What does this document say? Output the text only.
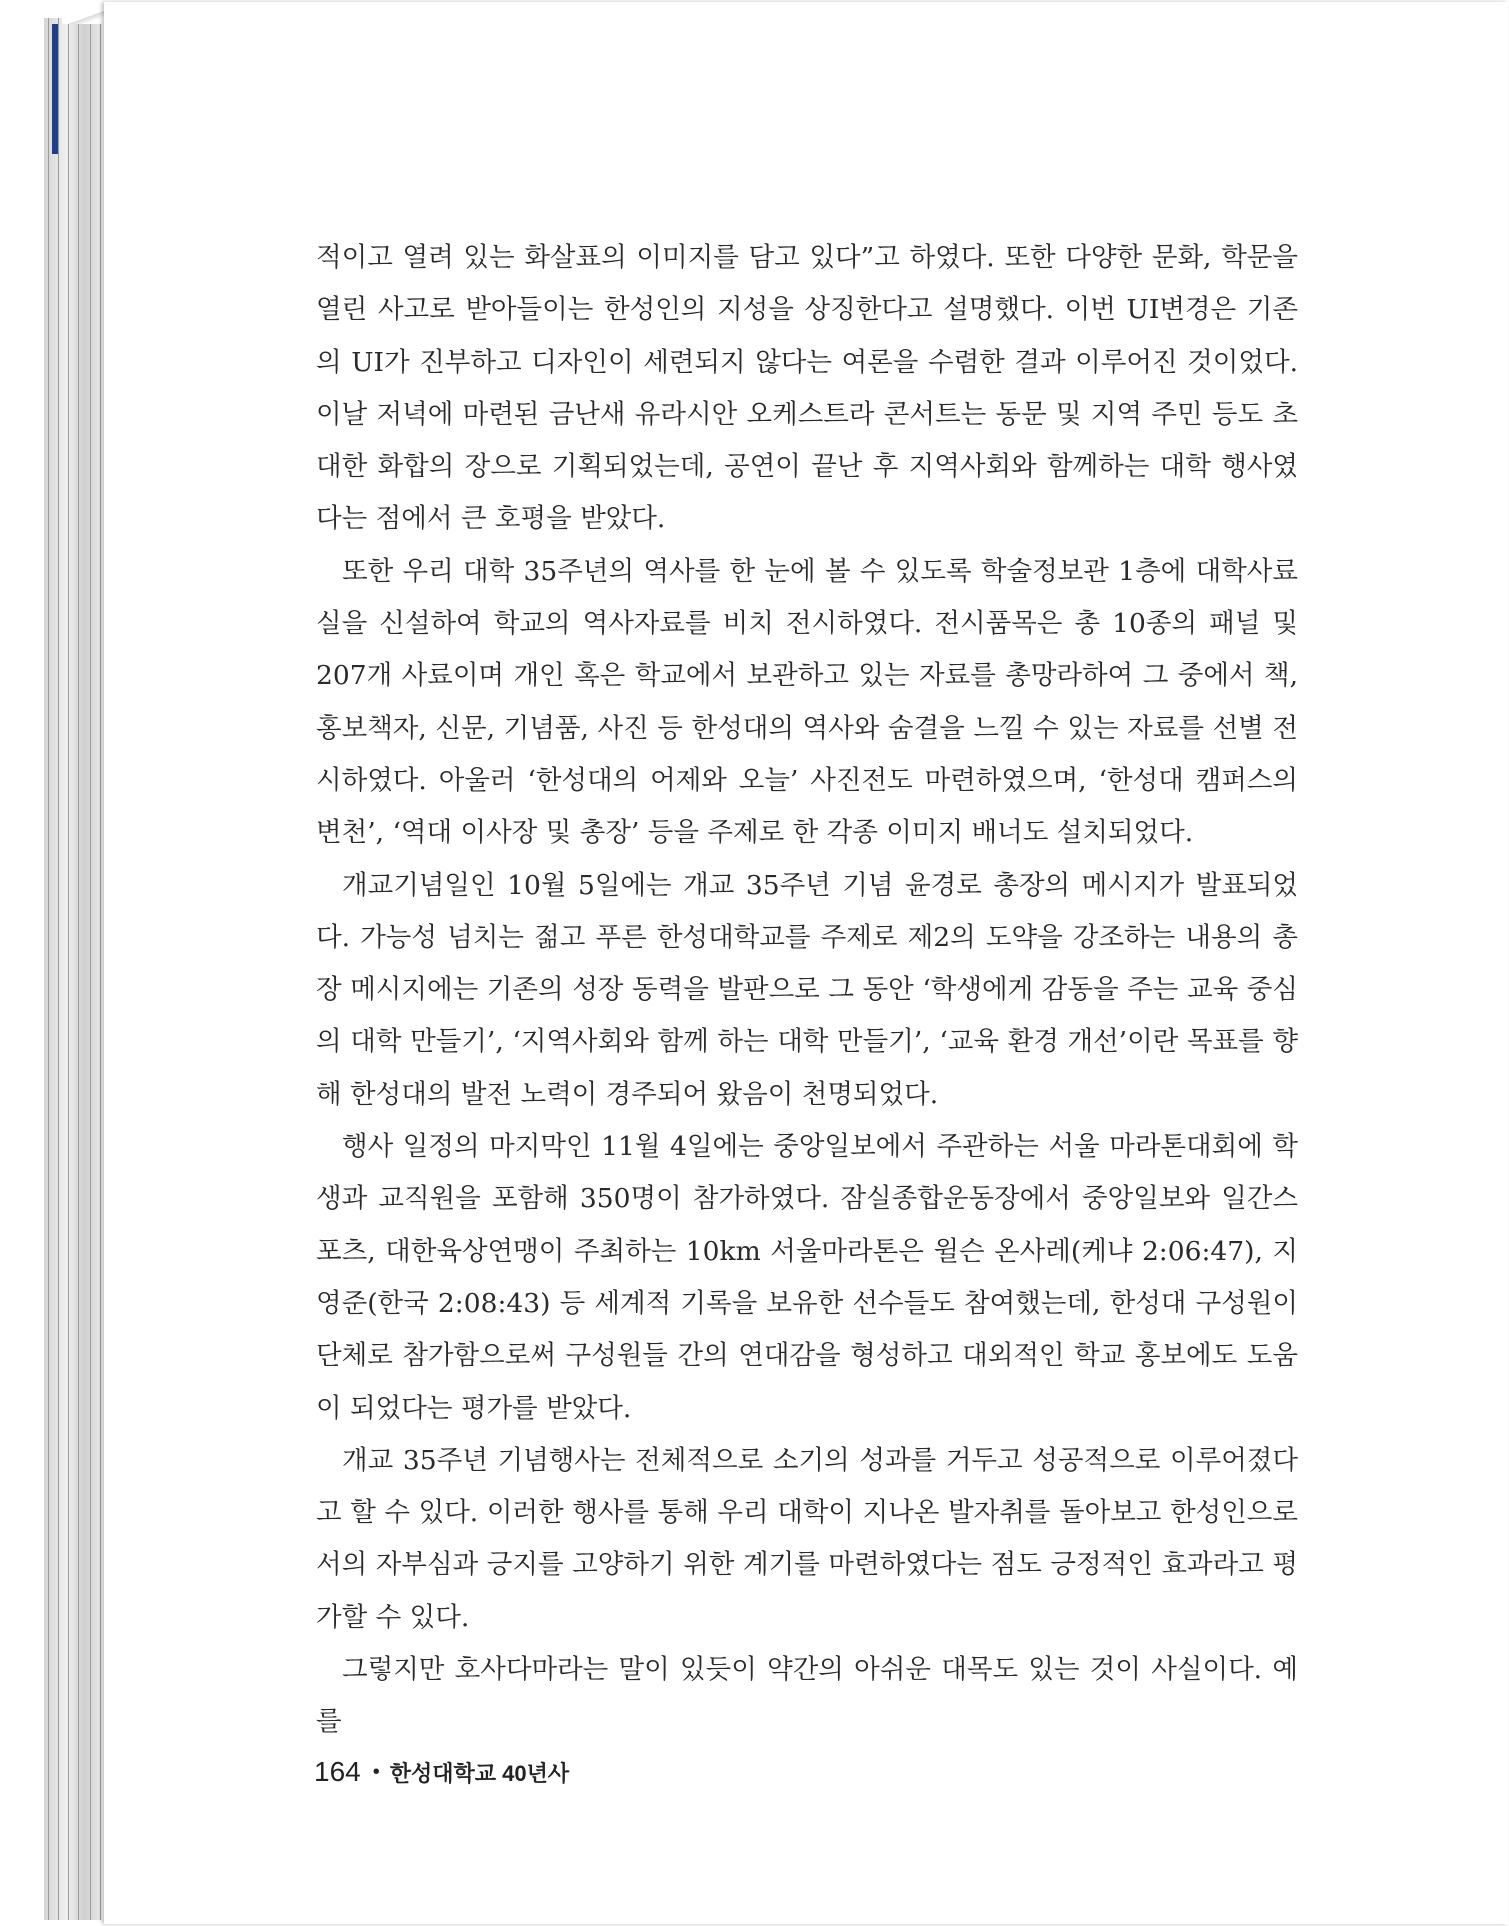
적이고 열려 있는 화살표의 이미지를 담고 있다”고 하였다. 또한 다양한 문화, 학문을 열린 사고로 받아들이는 한성인의 지성을 상징한다고 설명했다. 이번 UI변경은 기존의 UI가 진부하고 디자인이 세련되지 않다는 여론을 수렴한 결과 이루어진 것이었다. 이날 저녁에 마련된 금난새 유라시안 오케스트라 콘서트는 동문 및 지역 주민 등도 초대한 화합의 장으로 기획되었는데, 공연이 끝난 후 지역사회와 함께하는 대학 행사였다는 점에서 큰 호평을 받았다.

또한 우리 대학 35주년의 역사를 한 눈에 볼 수 있도록 학술정보관 1층에 대학사료실을 신설하여 학교의 역사자료를 비치 전시하였다. 전시품목은 총 10종의 패널 및 207개 사료이며 개인 혹은 학교에서 보관하고 있는 자료를 총망라하여 그 중에서 책, 홍보책자, 신문, 기념품, 사진 등 한성대의 역사와 숨결을 느낄 수 있는 자료를 선별 전시하였다. 아울러 ‘한성대의 어제와 오늘’ 사진전도 마련하였으며, ‘한성대 캠퍼스의 변천’, ‘역대 이사장 및 총장’ 등을 주제로 한 각종 이미지 배너도 설치되었다.

개교기념일인 10월 5일에는 개교 35주년 기념 윤경로 총장의 메시지가 발표되었다. 가능성 넘치는 젊고 푸른 한성대학교를 주제로 제2의 도약을 강조하는 내용의 총장 메시지에는 기존의 성장 동력을 발판으로 그 동안 ‘학생에게 감동을 주는 교육 중심의 대학 만들기’, ‘지역사회와 함께 하는 대학 만들기’, ‘교육 환경 개선’이란 목표를 향해 한성대의 발전 노력이 경주되어 왔음이 천명되었다.

행사 일정의 마지막인 11월 4일에는 중앙일보에서 주관하는 서울 마라톤대회에 학생과 교직원을 포함해 350명이 참가하였다. 잠실종합운동장에서 중앙일보와 일간스포츠, 대한육상연맹이 주최하는 10km 서울마라톤은 윌슨 온사레(케냐 2:06:47), 지영준(한국 2:08:43) 등 세계적 기록을 보유한 선수들도 참여했는데, 한성대 구성원이 단체로 참가함으로써 구성원들 간의 연대감을 형성하고 대외적인 학교 홍보에도 도움이 되었다는 평가를 받았다.

개교 35주년 기념행사는 전체적으로 소기의 성과를 거두고 성공적으로 이루어졌다고 할 수 있다. 이러한 행사를 통해 우리 대학이 지나온 발자취를 돌아보고 한성인으로서의 자부심과 긍지를 고양하기 위한 계기를 마련하였다는 점도 긍정적인 효과라고 평가할 수 있다.

그렇지만 호사다마라는 말이 있듯이 약간의 아쉬운 대목도 있는 것이 사실이다. 예를

164 • 한성대학교 40년사
